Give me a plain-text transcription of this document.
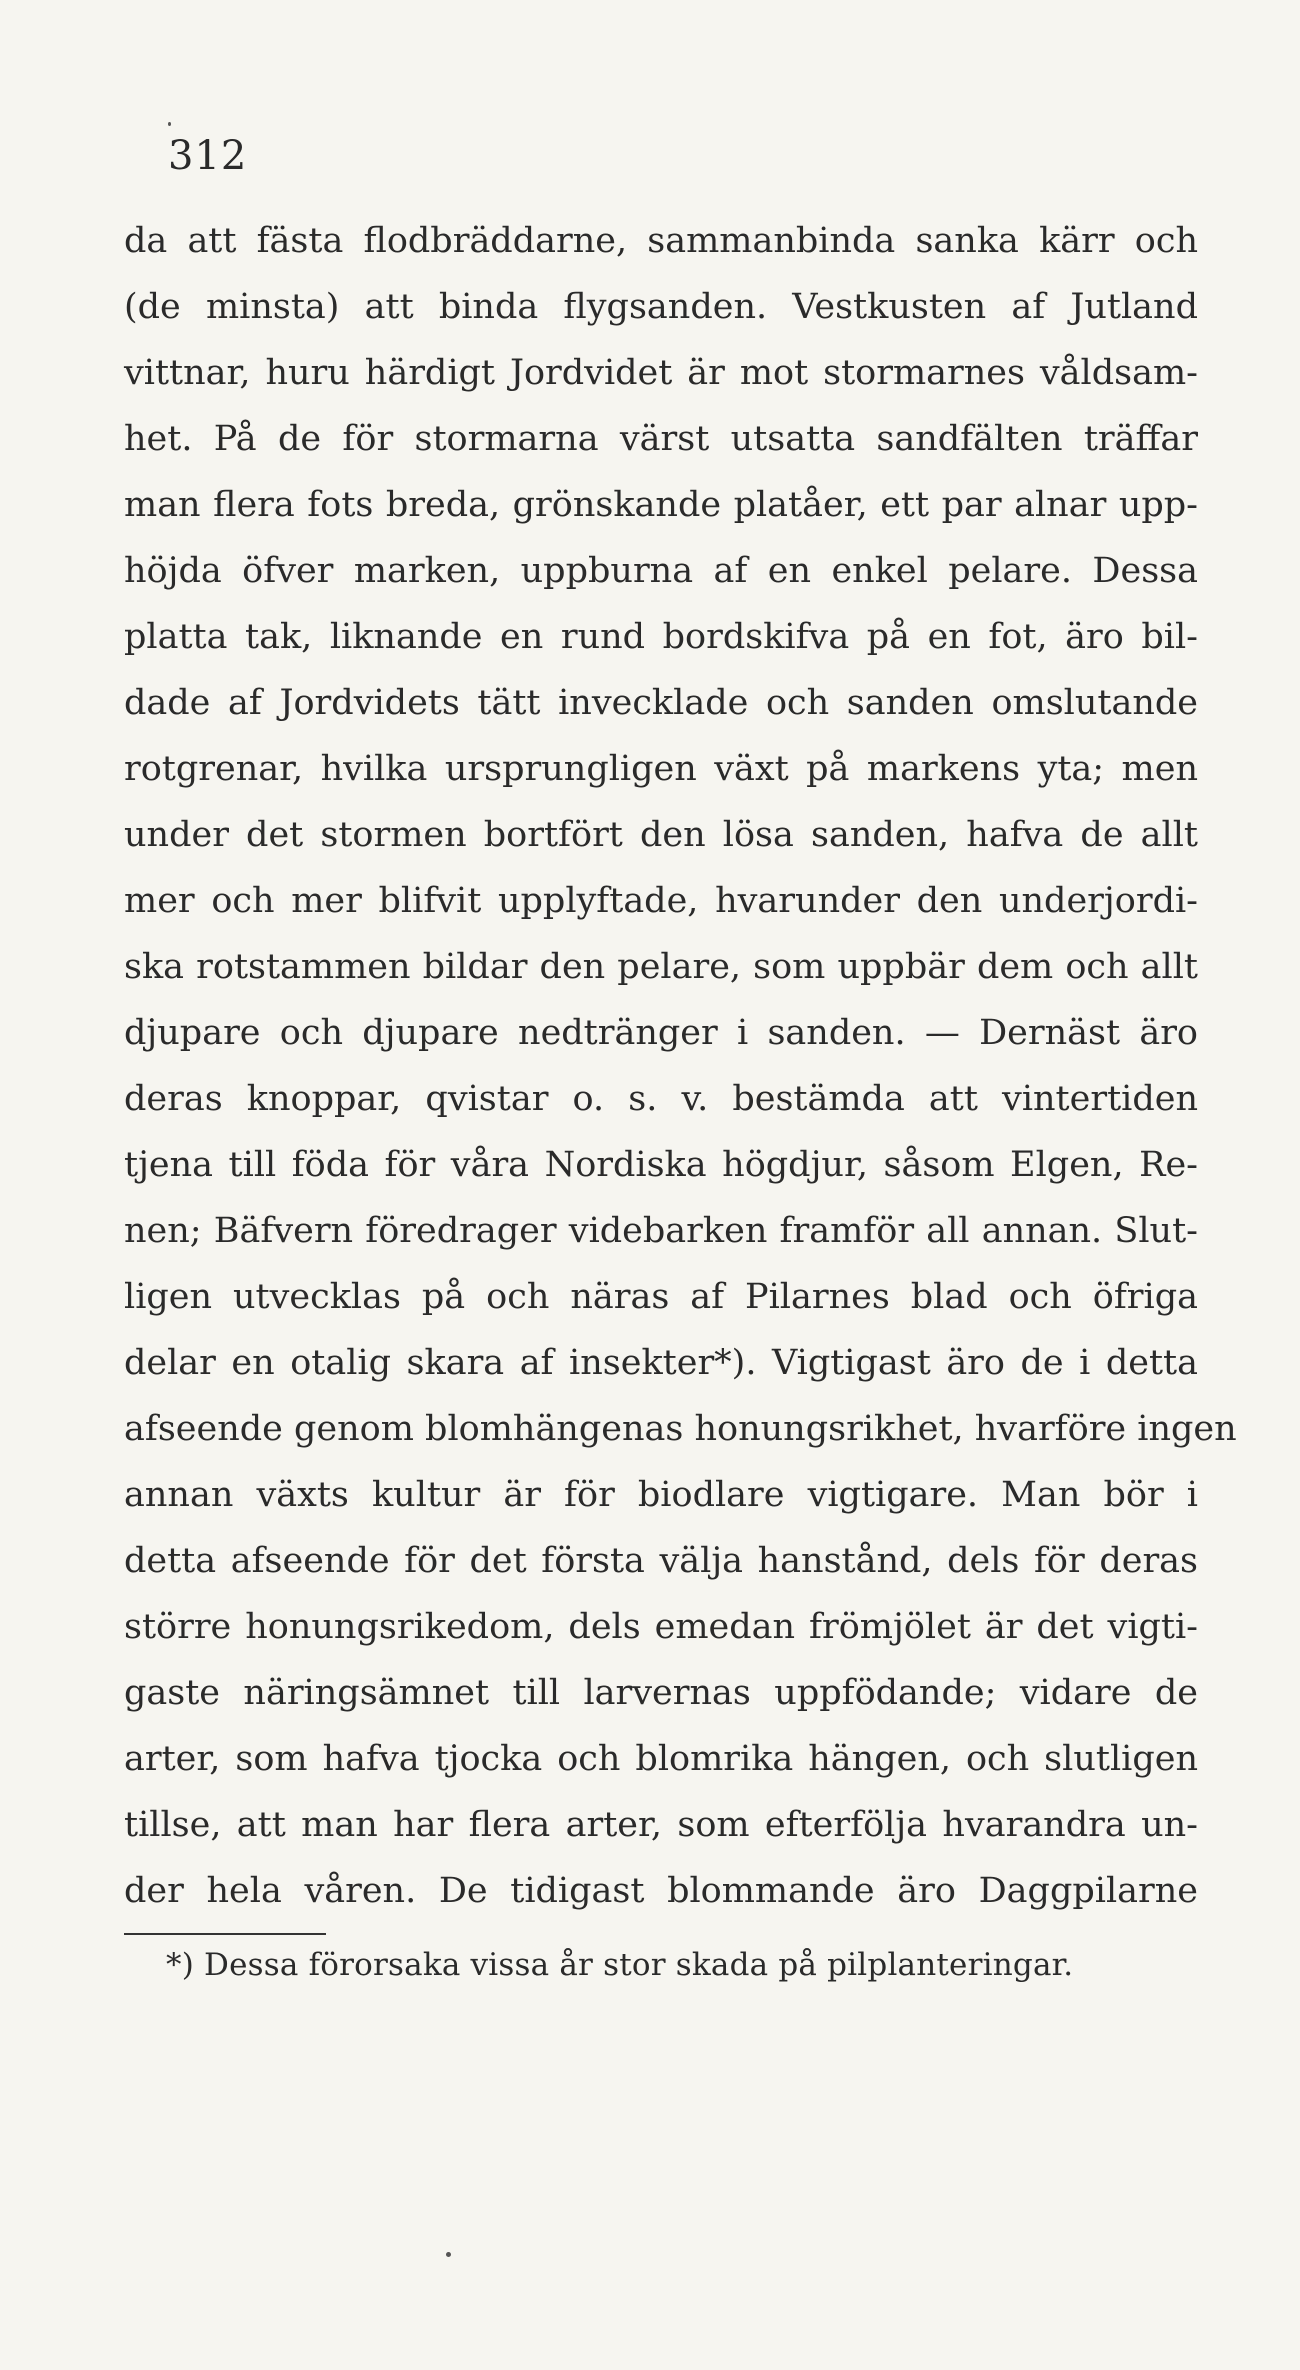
312
da att fästa flodbräddarne, sammanbinda sanka kärr och
(de minsta) att binda flygsanden. Vestkusten af Jutland
vittnar, huru härdigt Jordvidet är mot stormarnes våldsam-
het. På de för stormarna värst utsatta sandfälten träffar
man flera fots breda, grönskande platåer, ett par alnar upp-
höjda öfver marken, uppburna af en enkel pelare. Dessa
platta tak, liknande en rund bordskifva på en fot, äro bil-
dade af Jordvidets tätt invecklade och sanden omslutande
rotgrenar, hvilka ursprungligen växt på markens yta; men
under det stormen bortfört den lösa sanden, hafva de allt
mer och mer blifvit upplyftade, hvarunder den underjordi-
ska rotstammen bildar den pelare, som uppbär dem och allt
djupare och djupare nedtränger i sanden. — Dernäst äro
deras knoppar, qvistar o. s. v. bestämda att vintertiden
tjena till föda för våra Nordiska högdjur, såsom Elgen, Re-
nen; Bäfvern föredrager videbarken framför all annan. Slut-
ligen utvecklas på och näras af Pilarnes blad och öfriga
delar en otalig skara af insekter*). Vigtigast äro de i detta
afseende genom blomhängenas honungsrikhet, hvarföre ingen
annan växts kultur är för biodlare vigtigare. Man bör i
detta afseende för det första välja hanstånd, dels för deras
större honungsrikedom, dels emedan frömjölet är det vigti-
gaste näringsämnet till larvernas uppfödande; vidare de
arter, som hafva tjocka och blomrika hängen, och slutligen
tillse, att man har flera arter, som efterfölja hvarandra un-
der hela våren. De tidigast blommande äro Daggpilarne
*) Dessa förorsaka vissa år stor skada på pilplanteringar.
